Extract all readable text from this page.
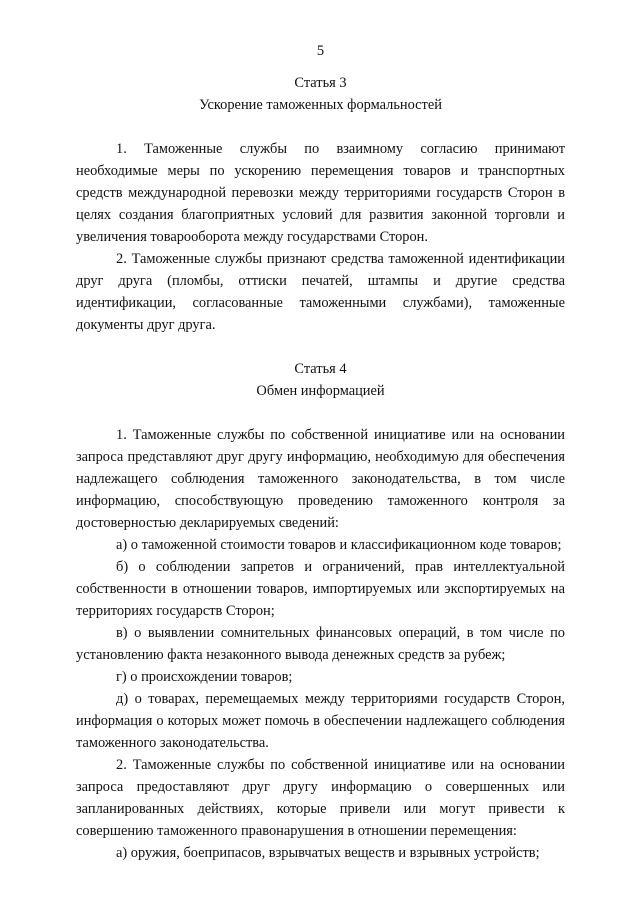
5
Статья 3
Ускорение таможенных формальностей

1. Таможенные службы по взаимному согласию принимают необходимые меры по ускорению перемещения товаров и транспортных средств международной перевозки между территориями государств Сторон в целях создания благоприятных условий для развития законной торговли и увеличения товарооборота между государствами Сторон.

2. Таможенные службы признают средства таможенной идентификации друг друга (пломбы, оттиски печатей, штампы и другие средства идентификации, согласованные таможенными службами), таможенные документы друг друга.

Статья 4
Обмен информацией

1. Таможенные службы по собственной инициативе или на основании запроса представляют друг другу информацию, необходимую для обеспечения надлежащего соблюдения таможенного законодательства, в том числе информацию, способствующую проведению таможенного контроля за достоверностью декларируемых сведений:

а) о таможенной стоимости товаров и классификационном коде товаров;

б) о соблюдении запретов и ограничений, прав интеллектуальной собственности в отношении товаров, импортируемых или экспортируемых на территориях государств Сторон;

в) о выявлении сомнительных финансовых операций, в том числе по установлению факта незаконного вывода денежных средств за рубеж;

г) о происхождении товаров;

д) о товарах, перемещаемых между территориями государств Сторон, информация о которых может помочь в обеспечении надлежащего соблюдения таможенного законодательства.

2. Таможенные службы по собственной инициативе или на основании запроса предоставляют друг другу информацию о совершенных или запланированных действиях, которые привели или могут привести к совершению таможенного правонарушения в отношении перемещения:

а) оружия, боеприпасов, взрывчатых веществ и взрывных устройств;
